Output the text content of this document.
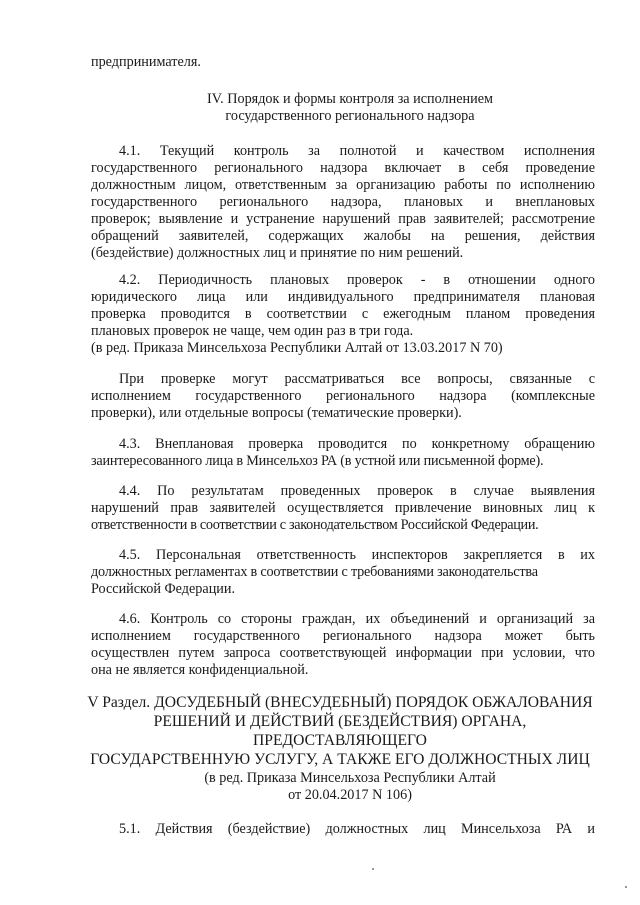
предпринимателя.
IV. Порядок и формы контроля за исполнением
государственного регионального надзора
4.1. Текущий контроль за полнотой и качеством исполнения
государственного регионального надзора включает в себя проведение
должностным лицом, ответственным за организацию работы по исполнению
государственного регионального надзора, плановых и внеплановых
проверок; выявление и устранение нарушений прав заявителей; рассмотрение
обращений заявителей, содержащих жалобы на решения, действия
(бездействие) должностных лиц и принятие по ним решений.
4.2. Периодичность плановых проверок - в отношении одного
юридического лица или индивидуального предпринимателя плановая
проверка проводится в соответствии с ежегодным планом проведения
плановых проверок не чаще, чем один раз в три года.
(в ред. Приказа Минсельхоза Республики Алтай от 13.03.2017 N 70)
При проверке могут рассматриваться все вопросы, связанные с
исполнением государственного регионального надзора (комплексные
проверки), или отдельные вопросы (тематические проверки).
4.3. Внеплановая проверка проводится по конкретному обращению
заинтересованного лица в Минсельхоз РА (в устной или письменной форме).
4.4. По результатам проведенных проверок в случае выявления
нарушений прав заявителей осуществляется привлечение виновных лиц к
ответственности в соответствии с законодательством Российской Федерации.
4.5. Персональная ответственность инспекторов закрепляется в их
должностных регламентах в соответствии с требованиями законодательства
Российской Федерации.
4.6. Контроль со стороны граждан, их объединений и организаций за
исполнением государственного регионального надзора может быть
осуществлен путем запроса соответствующей информации при условии, что
она не является конфиденциальной.
V Раздел. ДОСУДЕБНЫЙ (ВНЕСУДЕБНЫЙ) ПОРЯДОК ОБЖАЛОВАНИЯ
РЕШЕНИЙ И ДЕЙСТВИЙ (БЕЗДЕЙСТВИЯ) ОРГАНА,
ПРЕДОСТАВЛЯЮЩЕГО
ГОСУДАРСТВЕННУЮ УСЛУГУ, А ТАКЖЕ ЕГО ДОЛЖНОСТНЫХ ЛИЦ
(в ред. Приказа Минсельхоза Республики Алтай
от 20.04.2017 N 106)
5.1. Действия (бездействие) должностных лиц Минсельхоза РА и
